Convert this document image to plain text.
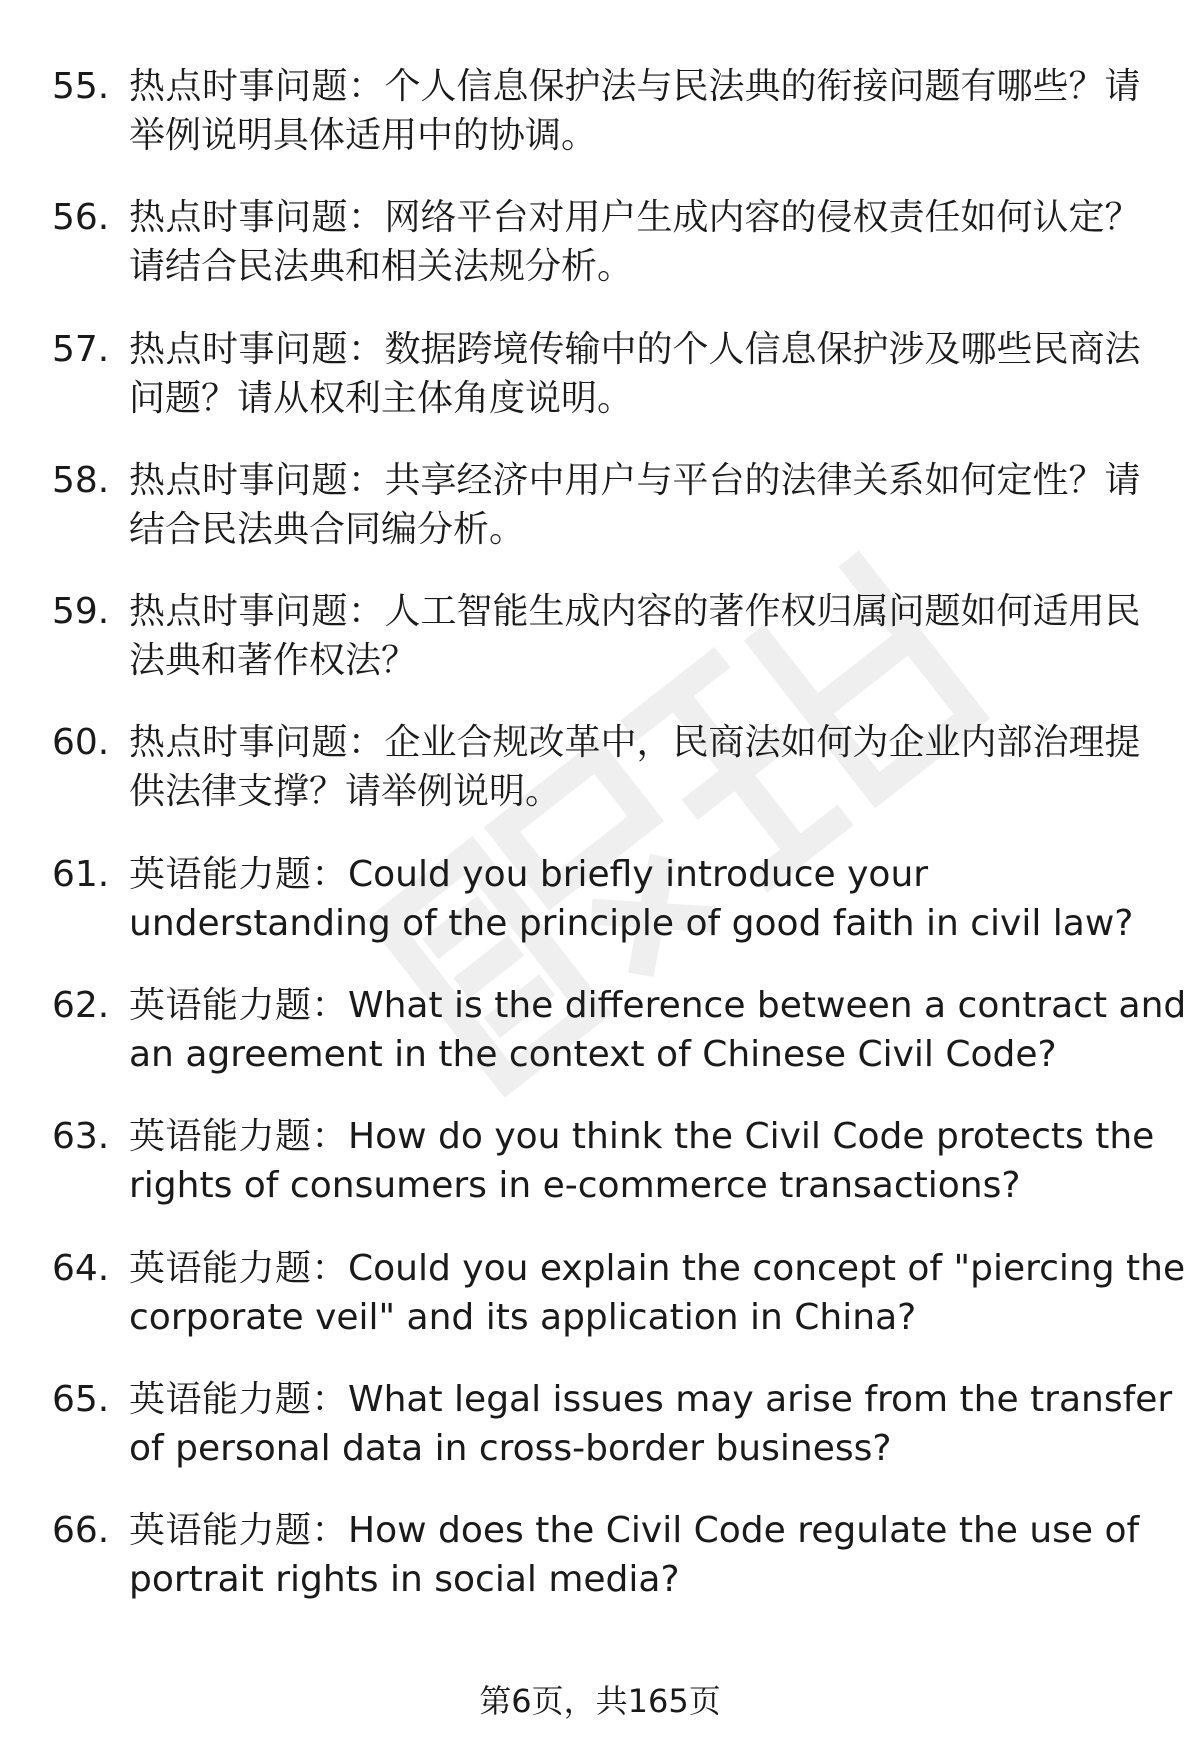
55. 热点时事问题：个人信息保护法与民法典的衔接问题有哪些？请
举例说明具体适用中的协调。
56. 热点时事问题：网络平台对用户生成内容的侵权责任如何认定？
请结合民法典和相关法规分析。
57. 热点时事问题：数据跨境传输中的个人信息保护涉及哪些民商法
问题？请从权利主体角度说明。
58. 热点时事问题：共享经济中用户与平台的法律关系如何定性？请
结合民法典合同编分析。
59. 热点时事问题：人工智能生成内容的著作权归属问题如何适用民
法典和著作权法？
60. 热点时事问题：企业合规改革中，民商法如何为企业内部治理提
供法律支撑？请举例说明。
61. 英语能力题：Could you briefly introduce your
understanding of the principle of good faith in civil law?
62. 英语能力题：What is the difference between a contract and
an agreement in the context of Chinese Civil Code?
63. 英语能力题：How do you think the Civil Code protects the
rights of consumers in e-commerce transactions?
64. 英语能力题：Could you explain the concept of "piercing the
corporate veil" and its application in China?
65. 英语能力题：What legal issues may arise from the transfer
of personal data in cross-border business?
66. 英语能力题：How does the Civil Code regulate the use of
portrait rights in social media?
第6页，共165页
